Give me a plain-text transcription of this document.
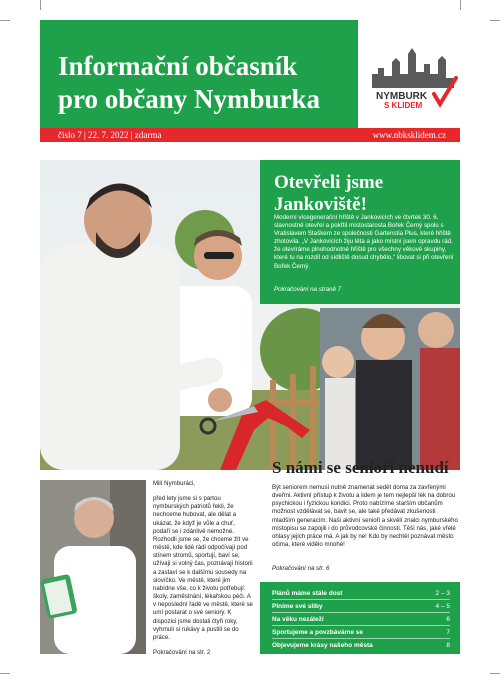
Informační občasník
pro občany Nymburka	NYMBURK
S KLIDEM
číslo 7 | 22. 7. 2022 | zdarma	www.nbksklidem.cz
Otevřeli jsme Jankoviště!
Moderní vícegenerační hřiště v Jankovicích ve čtvrtek 30. 6. slavnostně otevřel a pokřtil místostarosta Bořek Černý spolu s Vratislavem Staškem ze společnosti Gartenstia Plus, které hřiště zhotovila. „V Jankovicích žiju léta a jako místní jsem opravdu rád, že otevíráme plnohodnotné hřiště pro všechny věkové skupiny, které tu na rozdíl od sídliště dosud chybělo,“ libovat si při otevření Bořek Černý.
Pokračování na straně 7

Milí Nymburáci,

před lety jsme si s partou nymburských patriotů řekli, že nechceme hubovat, ale dělat a ukázat, že když je vůle a chuť, podaří se i zdánlivě nemožné. Rozhodli jsme se, že chceme žít ve městě, kde lidé rádi odpočívají pod stínem stromů, sportují, baví se, užívají si volný čas, poznávají historii a zastaví se k dalšímu sousedy na slovíčko. Ve městě, které jim nabídne vše, co k životu potřebují: školy, zaměstnání, lékařskou péči. A v neposlední řadě ve městě, které se umí postarat o své seniory. K dispozici jsme dostali čtyři roky, vyhrnuli si rukávy a pustili se do práce.

Pokračování na str. 2

S námi se senioři nenudí
Být seniorem nemusí nutně znamenat sedět doma za zavřenými dveřmi. Aktivní přístup k životu a lidem je tem nejlepší lék na dobrou psychickou i fyzickou kondici. Proto nabízíme starším občanům možnost vzdělávat se, bavit se, ale také předávat zkušenosti mladším generacím. Naši aktivní senioři a skvělí znalci nymburského místopisu se zapojili i do průvodcovské činnosti. Těší nás, jaké vřelé ohlasy jejich práce má. A jak by ne! Kdo by nechtěl poznávat město očima, které vidělo mnohé!
Pokračování na str. 6
Plánů máme stále dost	2 – 3
Plníme své sliby	4 – 5
Na věku nezáleží	6
Sportujeme a povzbáváme se	7
Objevujeme krásy našeho města	8
